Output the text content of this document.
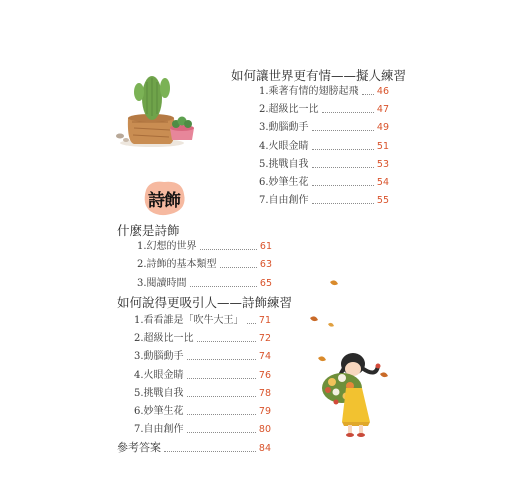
如何讓世界更有情——擬人練習
1.乘著有情的翅膀起飛 46
2.超級比一比	47
3.動腦動手	49
4.火眼金睛	51
5.挑戰自我	53
6.妙筆生花	54
7.自由創作	55
詩飾
什麼是詩飾
1.幻想的世界	61
2.詩飾的基本類型	63
3.閱讀時間	65
如何說得更吸引人——詩飾練習
1.看看誰是「吹牛大王」 71
2.超級比一比	72
3.動腦動手	74
4.火眼金睛	76
5.挑戰自我	78
6.妙筆生花	79
7.自由創作	80
參考答案	84
